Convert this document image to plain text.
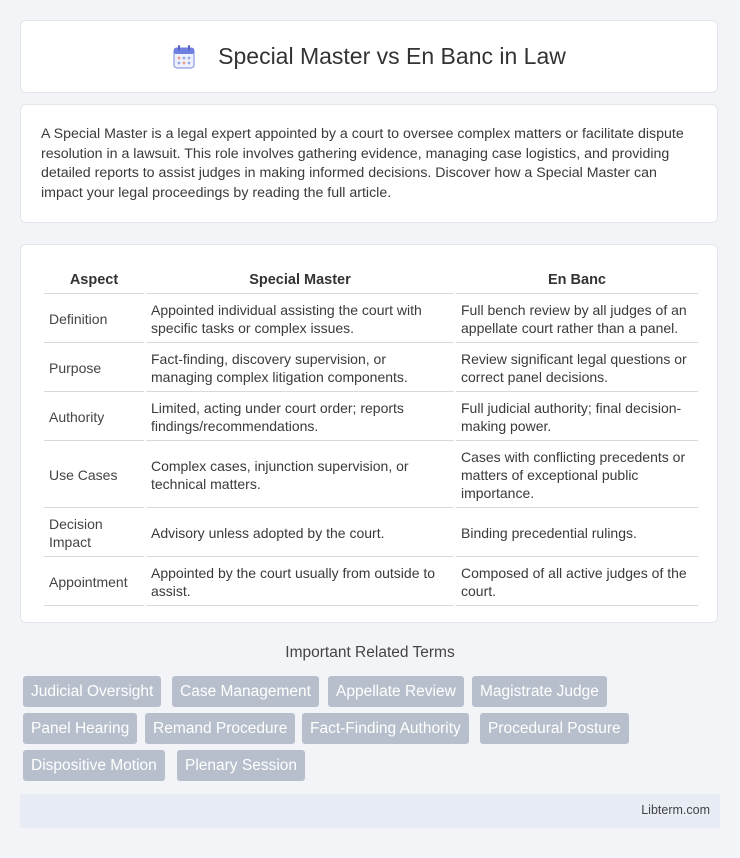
Special Master vs En Banc in Law
A Special Master is a legal expert appointed by a court to oversee complex matters or facilitate dispute resolution in a lawsuit. This role involves gathering evidence, managing case logistics, and providing detailed reports to assist judges in making informed decisions. Discover how a Special Master can impact your legal proceedings by reading the full article.
Aspect	Special Master	En Banc
Definition	Appointed individual assisting the court with specific tasks or complex issues.	Full bench review by all judges of an appellate court rather than a panel.
Purpose	Fact-finding, discovery supervision, or managing complex litigation components.	Review significant legal questions or correct panel decisions.
Authority	Limited, acting under court order; reports findings/recommendations.	Full judicial authority; final decision-making power.
Use Cases	Complex cases, injunction supervision, or technical matters.	Cases with conflicting precedents or matters of exceptional public importance.
Decision Impact	Advisory unless adopted by the court.	Binding precedential rulings.
Appointment	Appointed by the court usually from outside to assist.	Composed of all active judges of the court.
Important Related Terms
Judicial Oversight	Case Management	Appellate Review	Magistrate Judge
Panel Hearing	Remand Procedure	Fact-Finding Authority	Procedural Posture
Dispositive Motion	Plenary Session
Libterm.com
